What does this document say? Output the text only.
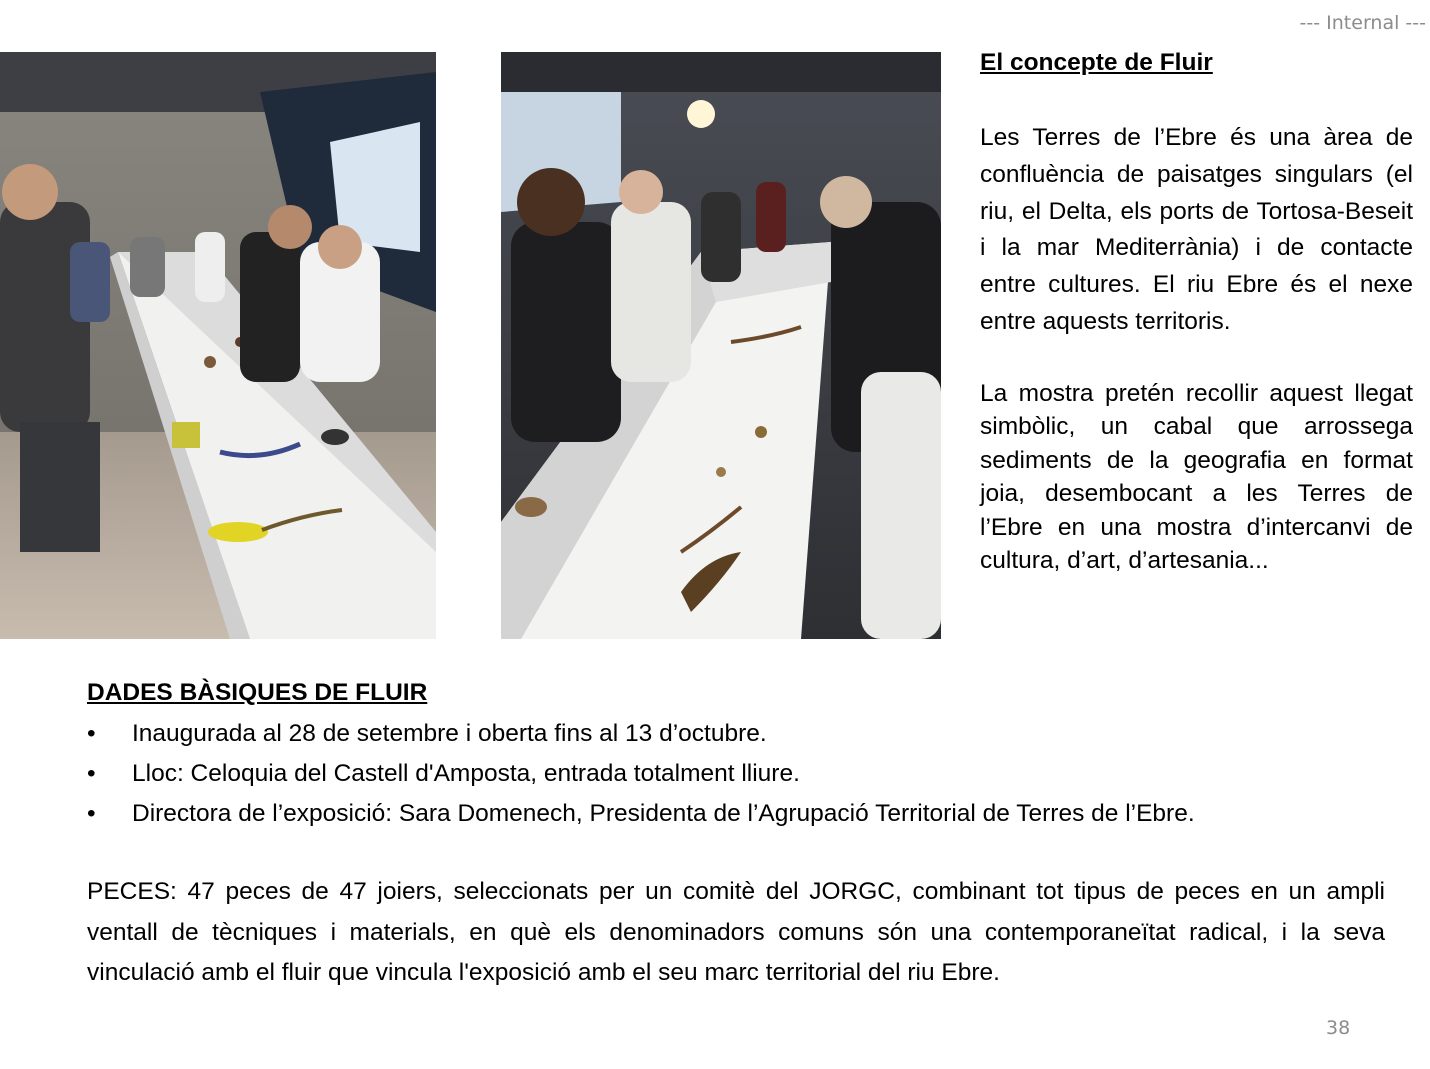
--- Internal ---
El concepte de Fluir

Les Terres de l’Ebre és una àrea de confluència de paisatges singulars (el riu, el Delta, els ports de Tortosa-Beseit i la mar Mediterrània) i de contacte entre cultures. El riu Ebre és el nexe entre aquests territoris.

La mostra pretén recollir aquest llegat simbòlic, un cabal que arrossega sediments de la geografia en format joia, desembocant a les Terres de l’Ebre en una mostra d’intercanvi de cultura, d’art, d’artesania...

DADES BÀSIQUES DE FLUIR
• Inaugurada al 28 de setembre i oberta fins al 13 d’octubre.
• Lloc: Celoquia del Castell d'Amposta, entrada totalment lliure.
• Directora de l’exposició: Sara Domenech, Presidenta de l’Agrupació Territorial de Terres de l’Ebre.

PECES: 47 peces de 47 joiers, seleccionats per un comitè del JORGC, combinant tot tipus de peces en un ampli ventall de tècniques i materials, en què els denominadors comuns són una contemporaneïtat radical, i la seva vinculació amb el fluir que vincula l'exposició amb el seu marc territorial del riu Ebre.

38
